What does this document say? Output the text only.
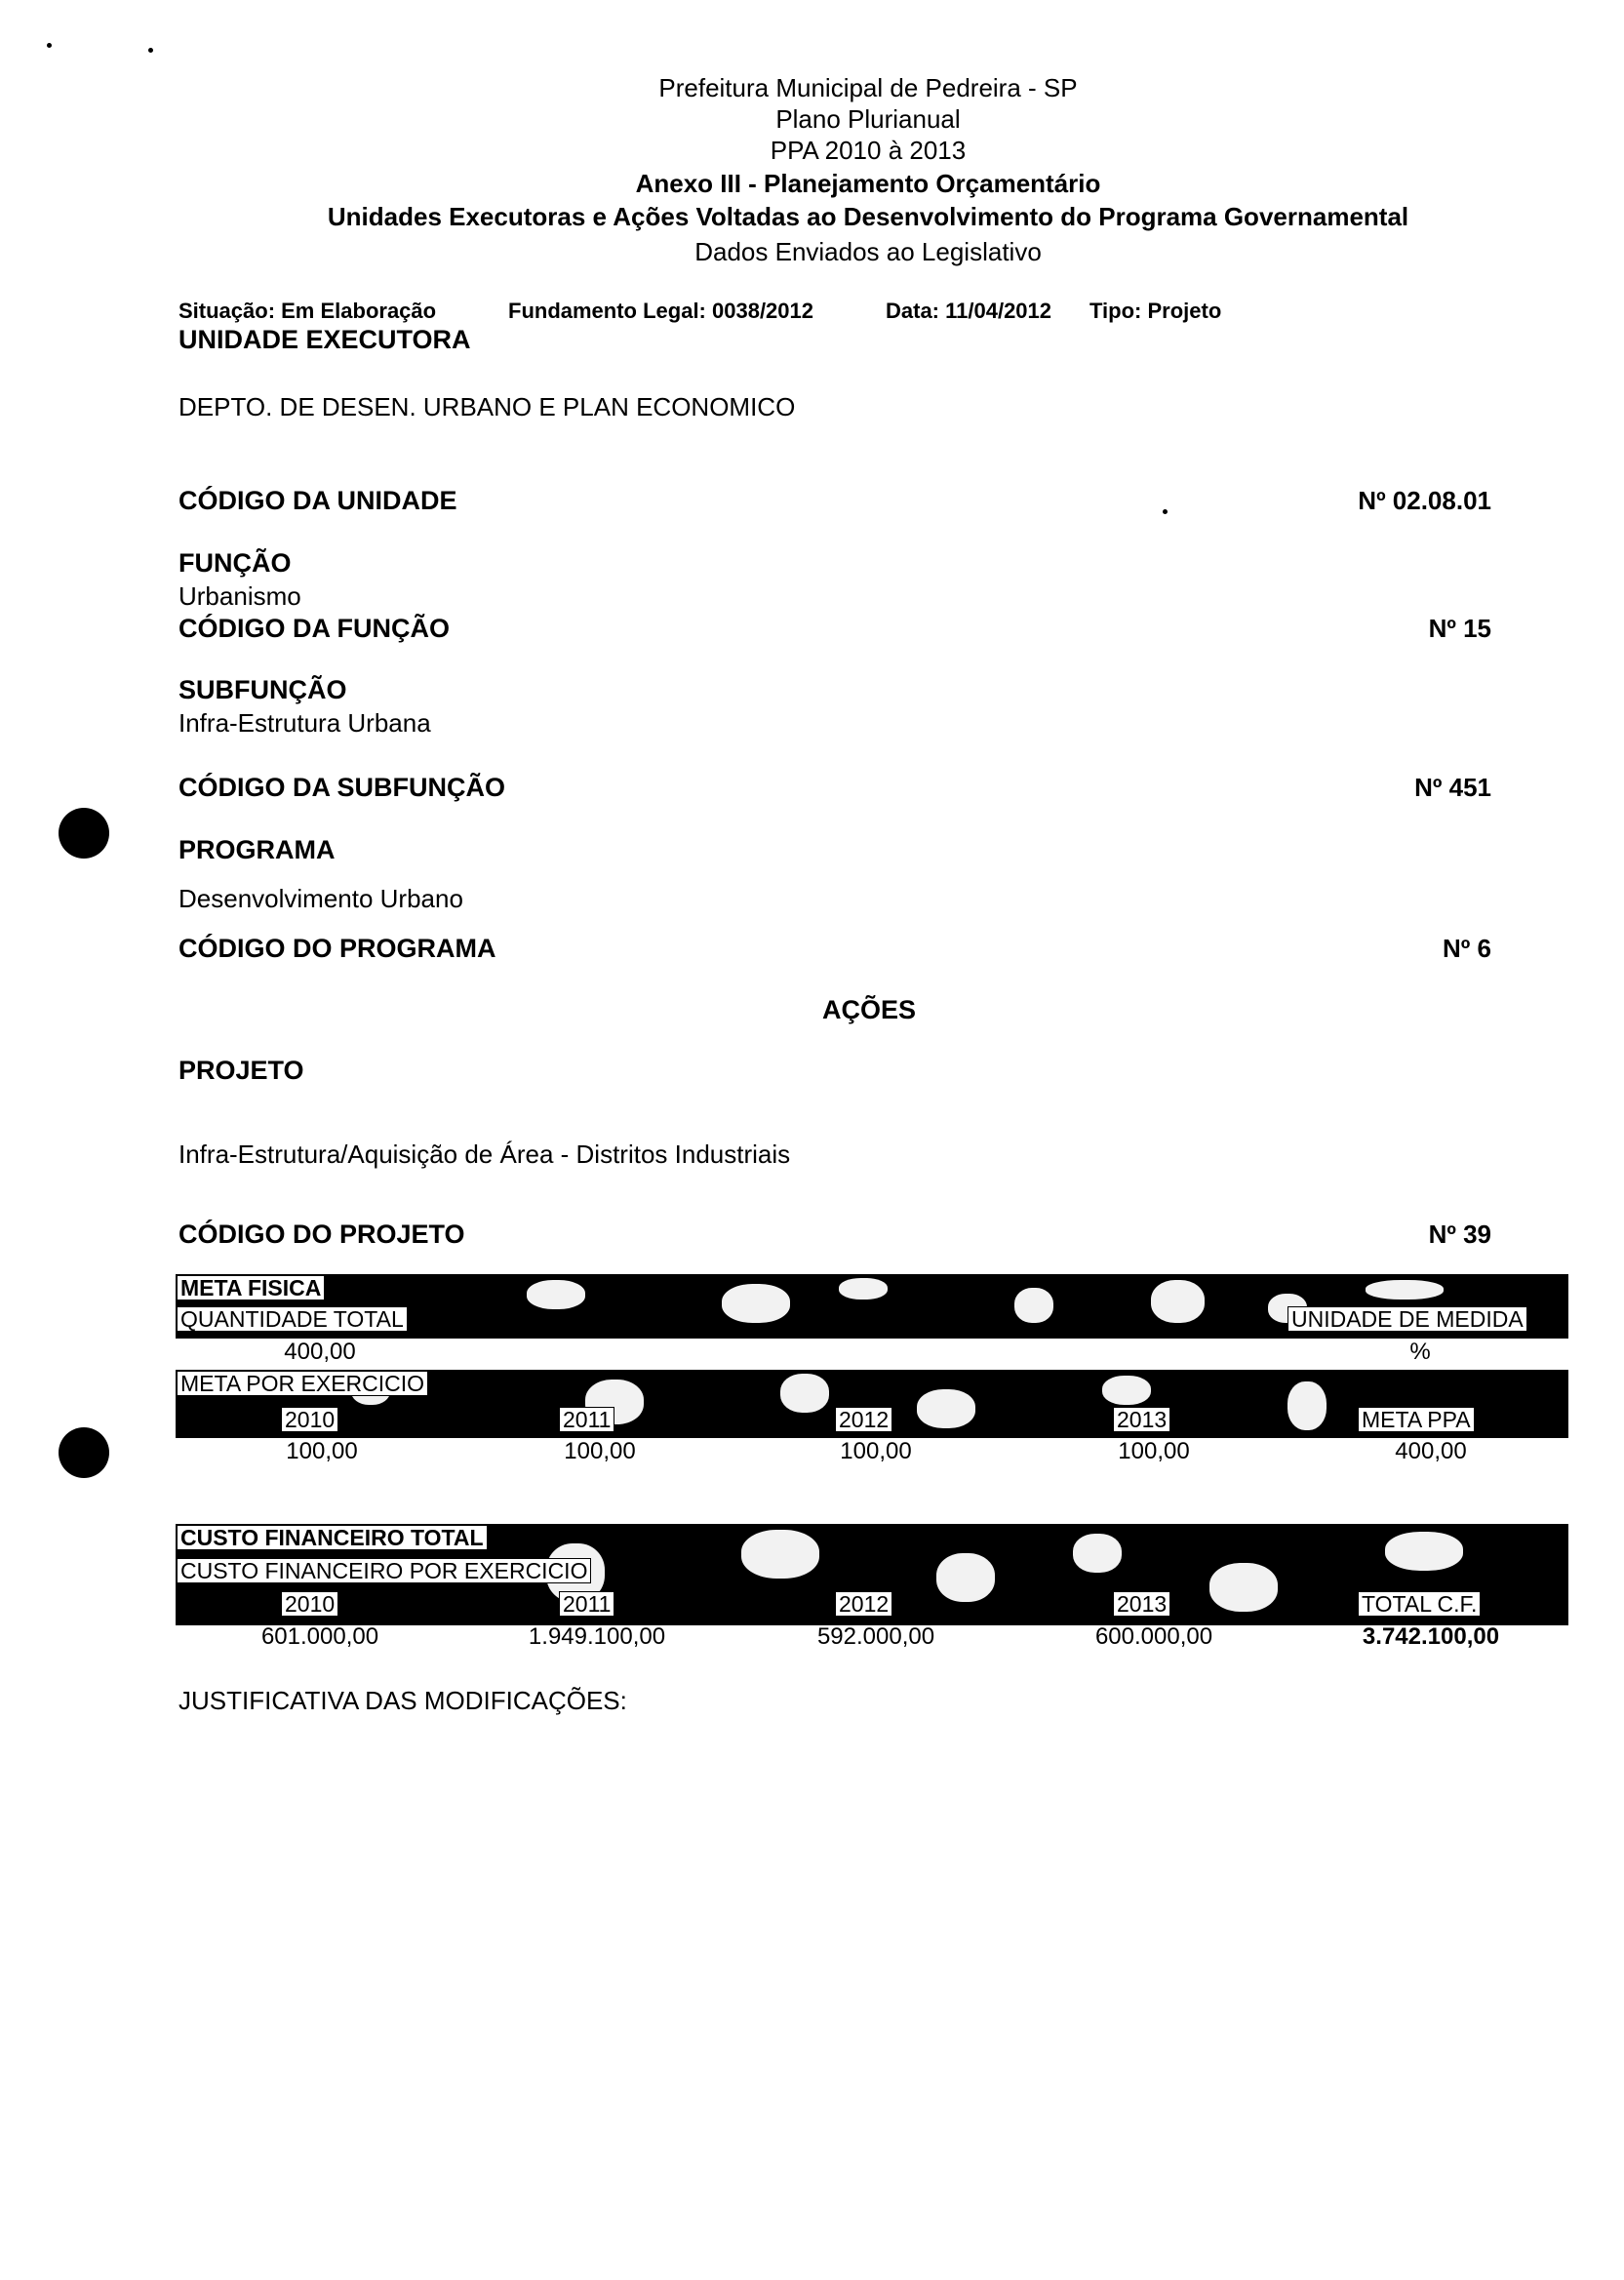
Prefeitura Municipal de Pedreira - SP
Plano Plurianual
PPA 2010 à 2013
Anexo III - Planejamento Orçamentário
Unidades Executoras e Ações Voltadas ao Desenvolvimento do Programa Governamental
Dados Enviados ao Legislativo
Situação: Em Elaboração	Fundamento Legal: 0038/2012	Data: 11/04/2012 Tipo: Projeto
UNIDADE EXECUTORA
DEPTO. DE DESEN. URBANO E PLAN ECONOMICO
CÓDIGO DA UNIDADE	Nº 02.08.01
FUNÇÃO
Urbanismo
CÓDIGO DA FUNÇÃO	Nº 15
SUBFUNÇÃO
Infra-Estrutura Urbana
CÓDIGO DA SUBFUNÇÃO	Nº 451
PROGRAMA
Desenvolvimento Urbano
CÓDIGO DO PROGRAMA	Nº 6
AÇÕES
PROJETO
Infra-Estrutura/Aquisição de Área - Distritos Industriais
CÓDIGO DO PROJETO	Nº 39
META FISICA
QUANTIDADE TOTAL	UNIDADE DE MEDIDA
400,00	%
META POR EXERCICIO
2010	2011	2012	2013	META PPA
100,00	100,00	100,00	100,00	400,00
CUSTO FINANCEIRO TOTAL
CUSTO FINANCEIRO POR EXERCICIO
2010	2011	2012	2013	TOTAL C.F.
601.000,00	1.949.100,00	592.000,00	600.000,00	3.742.100,00
JUSTIFICATIVA DAS MODIFICAÇÕES:
